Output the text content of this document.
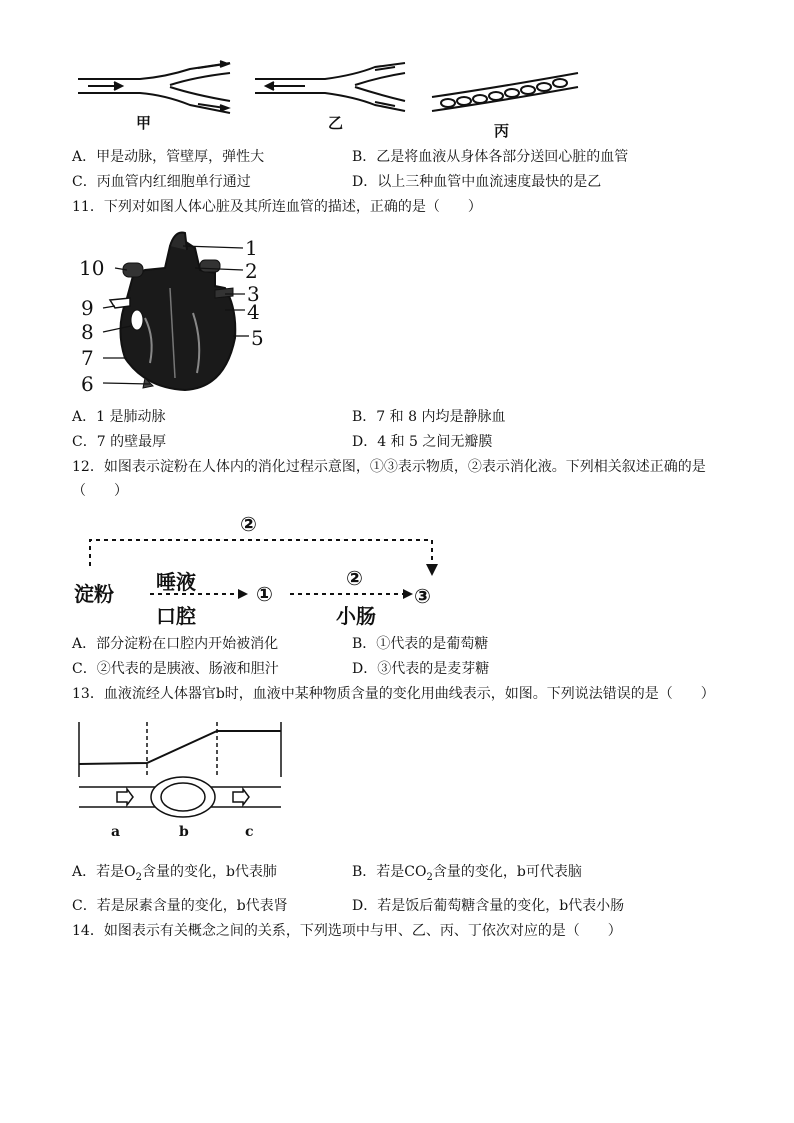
甲	乙	丙
A．甲是动脉，管壁厚，弹性大	B．乙是将血液从身体各部分送回心脏的血管
C．丙血管内红细胞单行通过	D．以上三种血管中血流速度最快的是乙
11．下列对如图人体心脏及其所连血管的描述，正确的是（　　）
1
2
3
4
5
6
7
8
9
10
A．1 是肺动脉	B．7 和 8 内均是静脉血
C．7 的壁最厚	D．4 和 5 之间无瓣膜
12．如图表示淀粉在人体内的消化过程示意图，①③表示物质，②表示消化液。下列相关叙述正确的是
（　　）
②
淀粉 唾液
口腔
①
②
小肠
③
A．部分淀粉在口腔内开始被消化	B．①代表的是葡萄糖
C．②代表的是胰液、肠液和胆汁	D．③代表的是麦芽糖
13．血液流经人体器官b时，血液中某种物质含量的变化用曲线表示，如图。下列说法错误的是（　　）
a	b	c
A．若是$O_2$含量的变化，b代表肺	B．若是$CO_2$含量的变化，b可代表脑
C．若是尿素含量的变化，b代表肾	D．若是饭后葡萄糖含量的变化，b代表小肠
14．如图表示有关概念之间的关系，下列选项中与甲、乙、丙、丁依次对应的是（　　）
